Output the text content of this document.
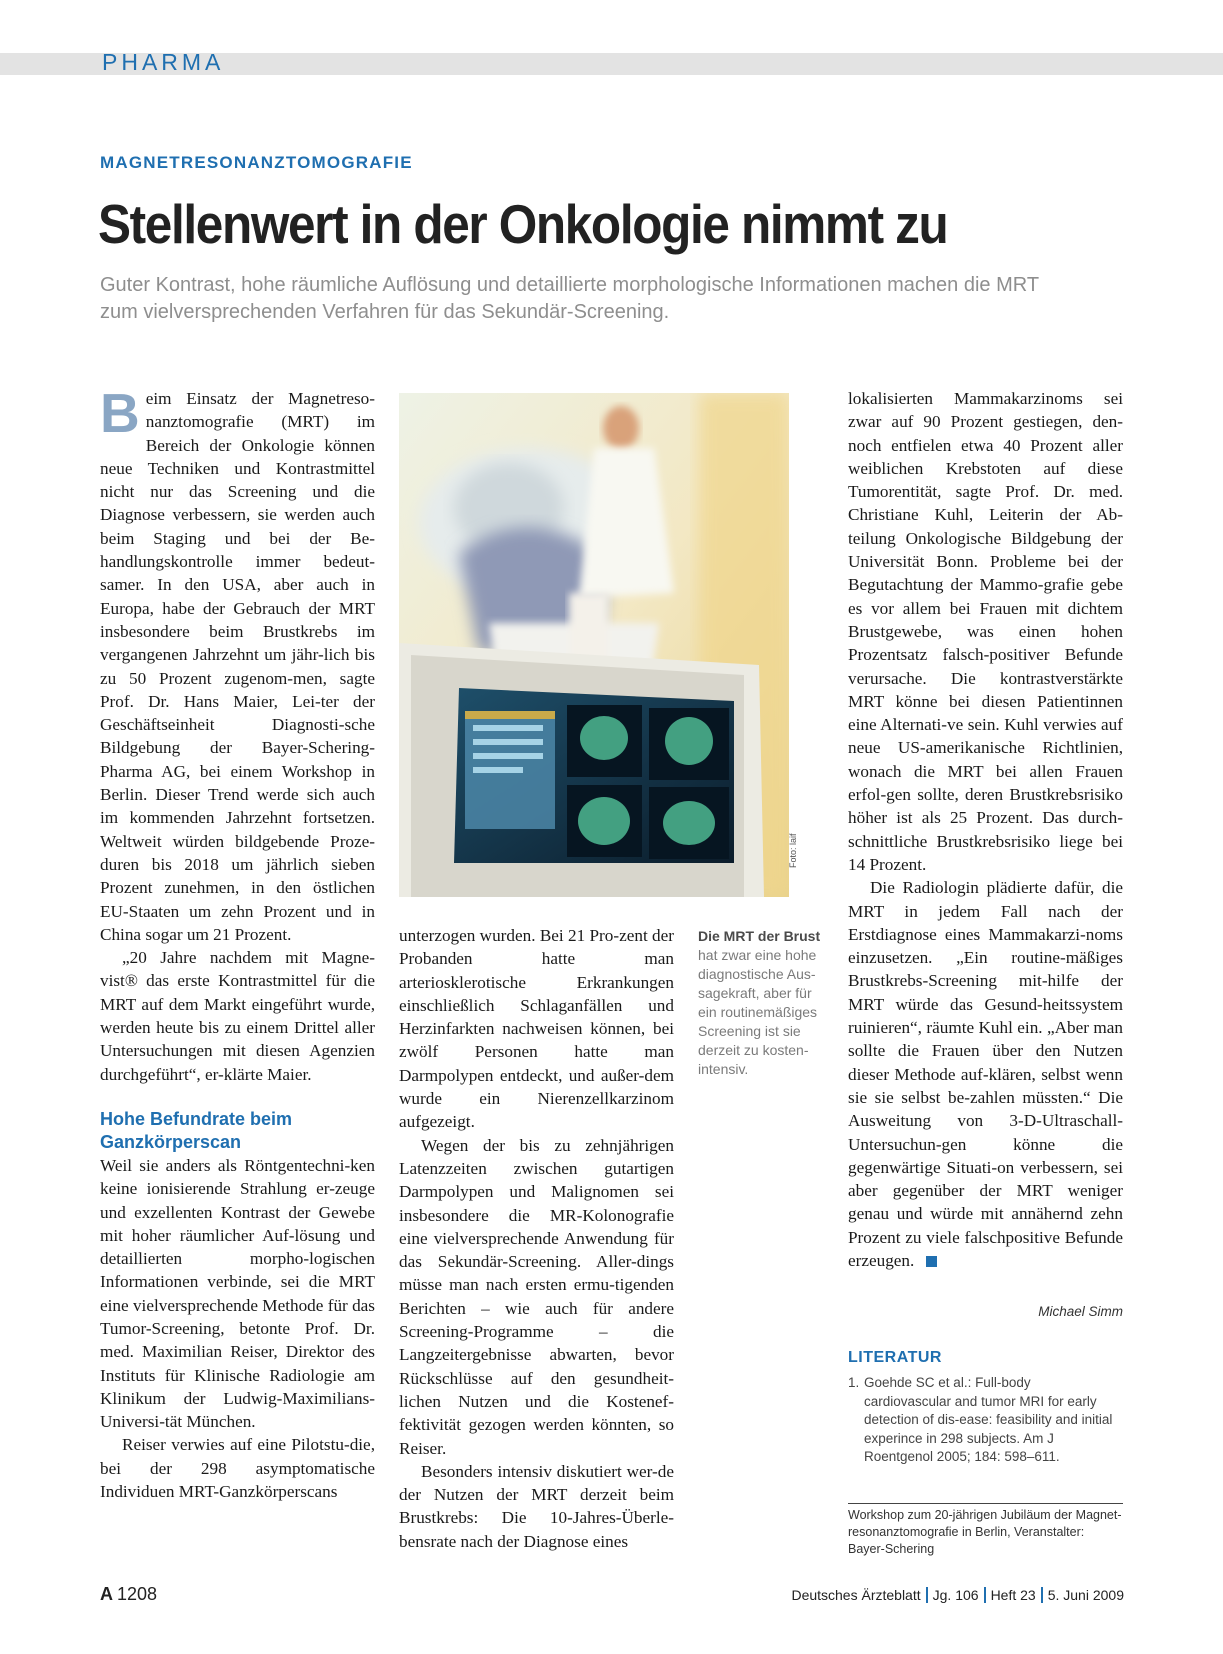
PHARMA
MAGNETRESONANZTOMOGRAFIE
Stellenwert in der Onkologie nimmt zu
Guter Kontrast, hohe räumliche Auflösung und detaillierte morphologische Informationen machen die MRT zum vielversprechenden Verfahren für das Sekundär-Screening.

Beim Einsatz der Magnetreso-nanztomografie (MRT) im Bereich der Onkologie können neue Techniken und Kontrastmittel nicht nur das Screening und die Diagnose verbessern, sie werden auch beim Staging und bei der Be-handlungskontrolle immer bedeut-samer. In den USA, aber auch in Europa, habe der Gebrauch der MRT insbesondere beim Brustkrebs im vergangenen Jahrzehnt um jähr-lich bis zu 50 Prozent zugenom-men, sagte Prof. Dr. Hans Maier, Lei-ter der Geschäftseinheit Diagnosti-sche Bildgebung der Bayer-Schering-Pharma AG, bei einem Workshop in Berlin. Dieser Trend werde sich auch im kommenden Jahrzehnt fortsetzen. Weltweit würden bildgebende Proze-duren bis 2018 um jährlich sieben Prozent zunehmen, in den östlichen EU-Staaten um zehn Prozent und in China sogar um 21 Prozent.

„20 Jahre nachdem mit Magne-vist® das erste Kontrastmittel für die MRT auf dem Markt eingeführt wurde, werden heute bis zu einem Drittel aller Untersuchungen mit diesen Agenzien durchgeführt“, er-klärte Maier.

Hohe Befundrate beim Ganzkörperscan

Weil sie anders als Röntgentechni-ken keine ionisierende Strahlung er-zeuge und exzellenten Kontrast der Gewebe mit hoher räumlicher Auf-lösung und detaillierten morpho-logischen Informationen verbinde, sei die MRT eine vielversprechende Methode für das Tumor-Screening, betonte Prof. Dr. med. Maximilian Reiser, Direktor des Instituts für Klinische Radiologie am Klinikum der Ludwig-Maximilians-Universi-tät München.

Reiser verwies auf eine Pilotstu-die, bei der 298 asymptomatische Individuen MRT-Ganzkörperscans

Foto: laif
Die MRT der Brust
hat zwar eine hohe diagnostische Aus-sagekraft, aber für ein routinemäßiges Screening ist sie derzeit zu kosten-intensiv.

unterzogen wurden. Bei 21 Pro-zent der Probanden hatte man arteriosklerotische Erkrankungen einschließlich Schlaganfällen und Herzinfarkten nachweisen können, bei zwölf Personen hatte man Darmpolypen entdeckt, und außer-dem wurde ein Nierenzellkarzinom aufgezeigt.

Wegen der bis zu zehnjährigen Latenzzeiten zwischen gutartigen Darmpolypen und Malignomen sei insbesondere die MR-Kolonografie eine vielversprechende Anwendung für das Sekundär-Screening. Aller-dings müsse man nach ersten ermu-tigenden Berichten – wie auch für andere Screening-Programme – die Langzeitergebnisse abwarten, bevor Rückschlüsse auf den gesundheit-lichen Nutzen und die Kostenef-fektivität gezogen werden könnten, so Reiser.

Besonders intensiv diskutiert wer-de der Nutzen der MRT derzeit beim Brustkrebs: Die 10-Jahres-Überle-bensrate nach der Diagnose eines

lokalisierten Mammakarzinoms sei zwar auf 90 Prozent gestiegen, den-noch entfielen etwa 40 Prozent aller weiblichen Krebstoten auf diese Tumorentität, sagte Prof. Dr. med. Christiane Kuhl, Leiterin der Ab-teilung Onkologische Bildgebung der Universität Bonn. Probleme bei der Begutachtung der Mammo-grafie gebe es vor allem bei Frauen mit dichtem Brustgewebe, was einen hohen Prozentsatz falsch-positiver Befunde verursache. Die kontrastverstärkte MRT könne bei diesen Patientinnen eine Alternati-ve sein. Kuhl verwies auf neue US-amerikanische Richtlinien, wonach die MRT bei allen Frauen erfol-gen sollte, deren Brustkrebsrisiko höher ist als 25 Prozent. Das durch-schnittliche Brustkrebsrisiko liege bei 14 Prozent.

Die Radiologin plädierte dafür, die MRT in jedem Fall nach der Erstdiagnose eines Mammakarzi-noms einzusetzen. „Ein routine-mäßiges Brustkrebs-Screening mit-hilfe der MRT würde das Gesund-heitssystem ruinieren“, räumte Kuhl ein. „Aber man sollte die Frauen über den Nutzen dieser Methode auf-klären, selbst wenn sie sie selbst be-zahlen müssten.“ Die Ausweitung von 3-D-Ultraschall-Untersuchun-gen könne die gegenwärtige Situati-on verbessern, sei aber gegenüber der MRT weniger genau und würde mit annähernd zehn Prozent zu viele falschpositive Befunde erzeugen.

Michael Simm
LITERATUR
1. Goehde SC et al.: Full-body cardiovascular and tumor MRI for early detection of dis-ease: feasibility and initial experince in 298 subjects. Am J Roentgenol 2005; 184: 598–611.
Workshop zum 20-jährigen Jubiläum der Magnet-resonanztomografie in Berlin, Veranstalter: Bayer-Schering
A 1208	Deutsches Ärzteblatt Jg. 106 Heft 23 5. Juni 2009
